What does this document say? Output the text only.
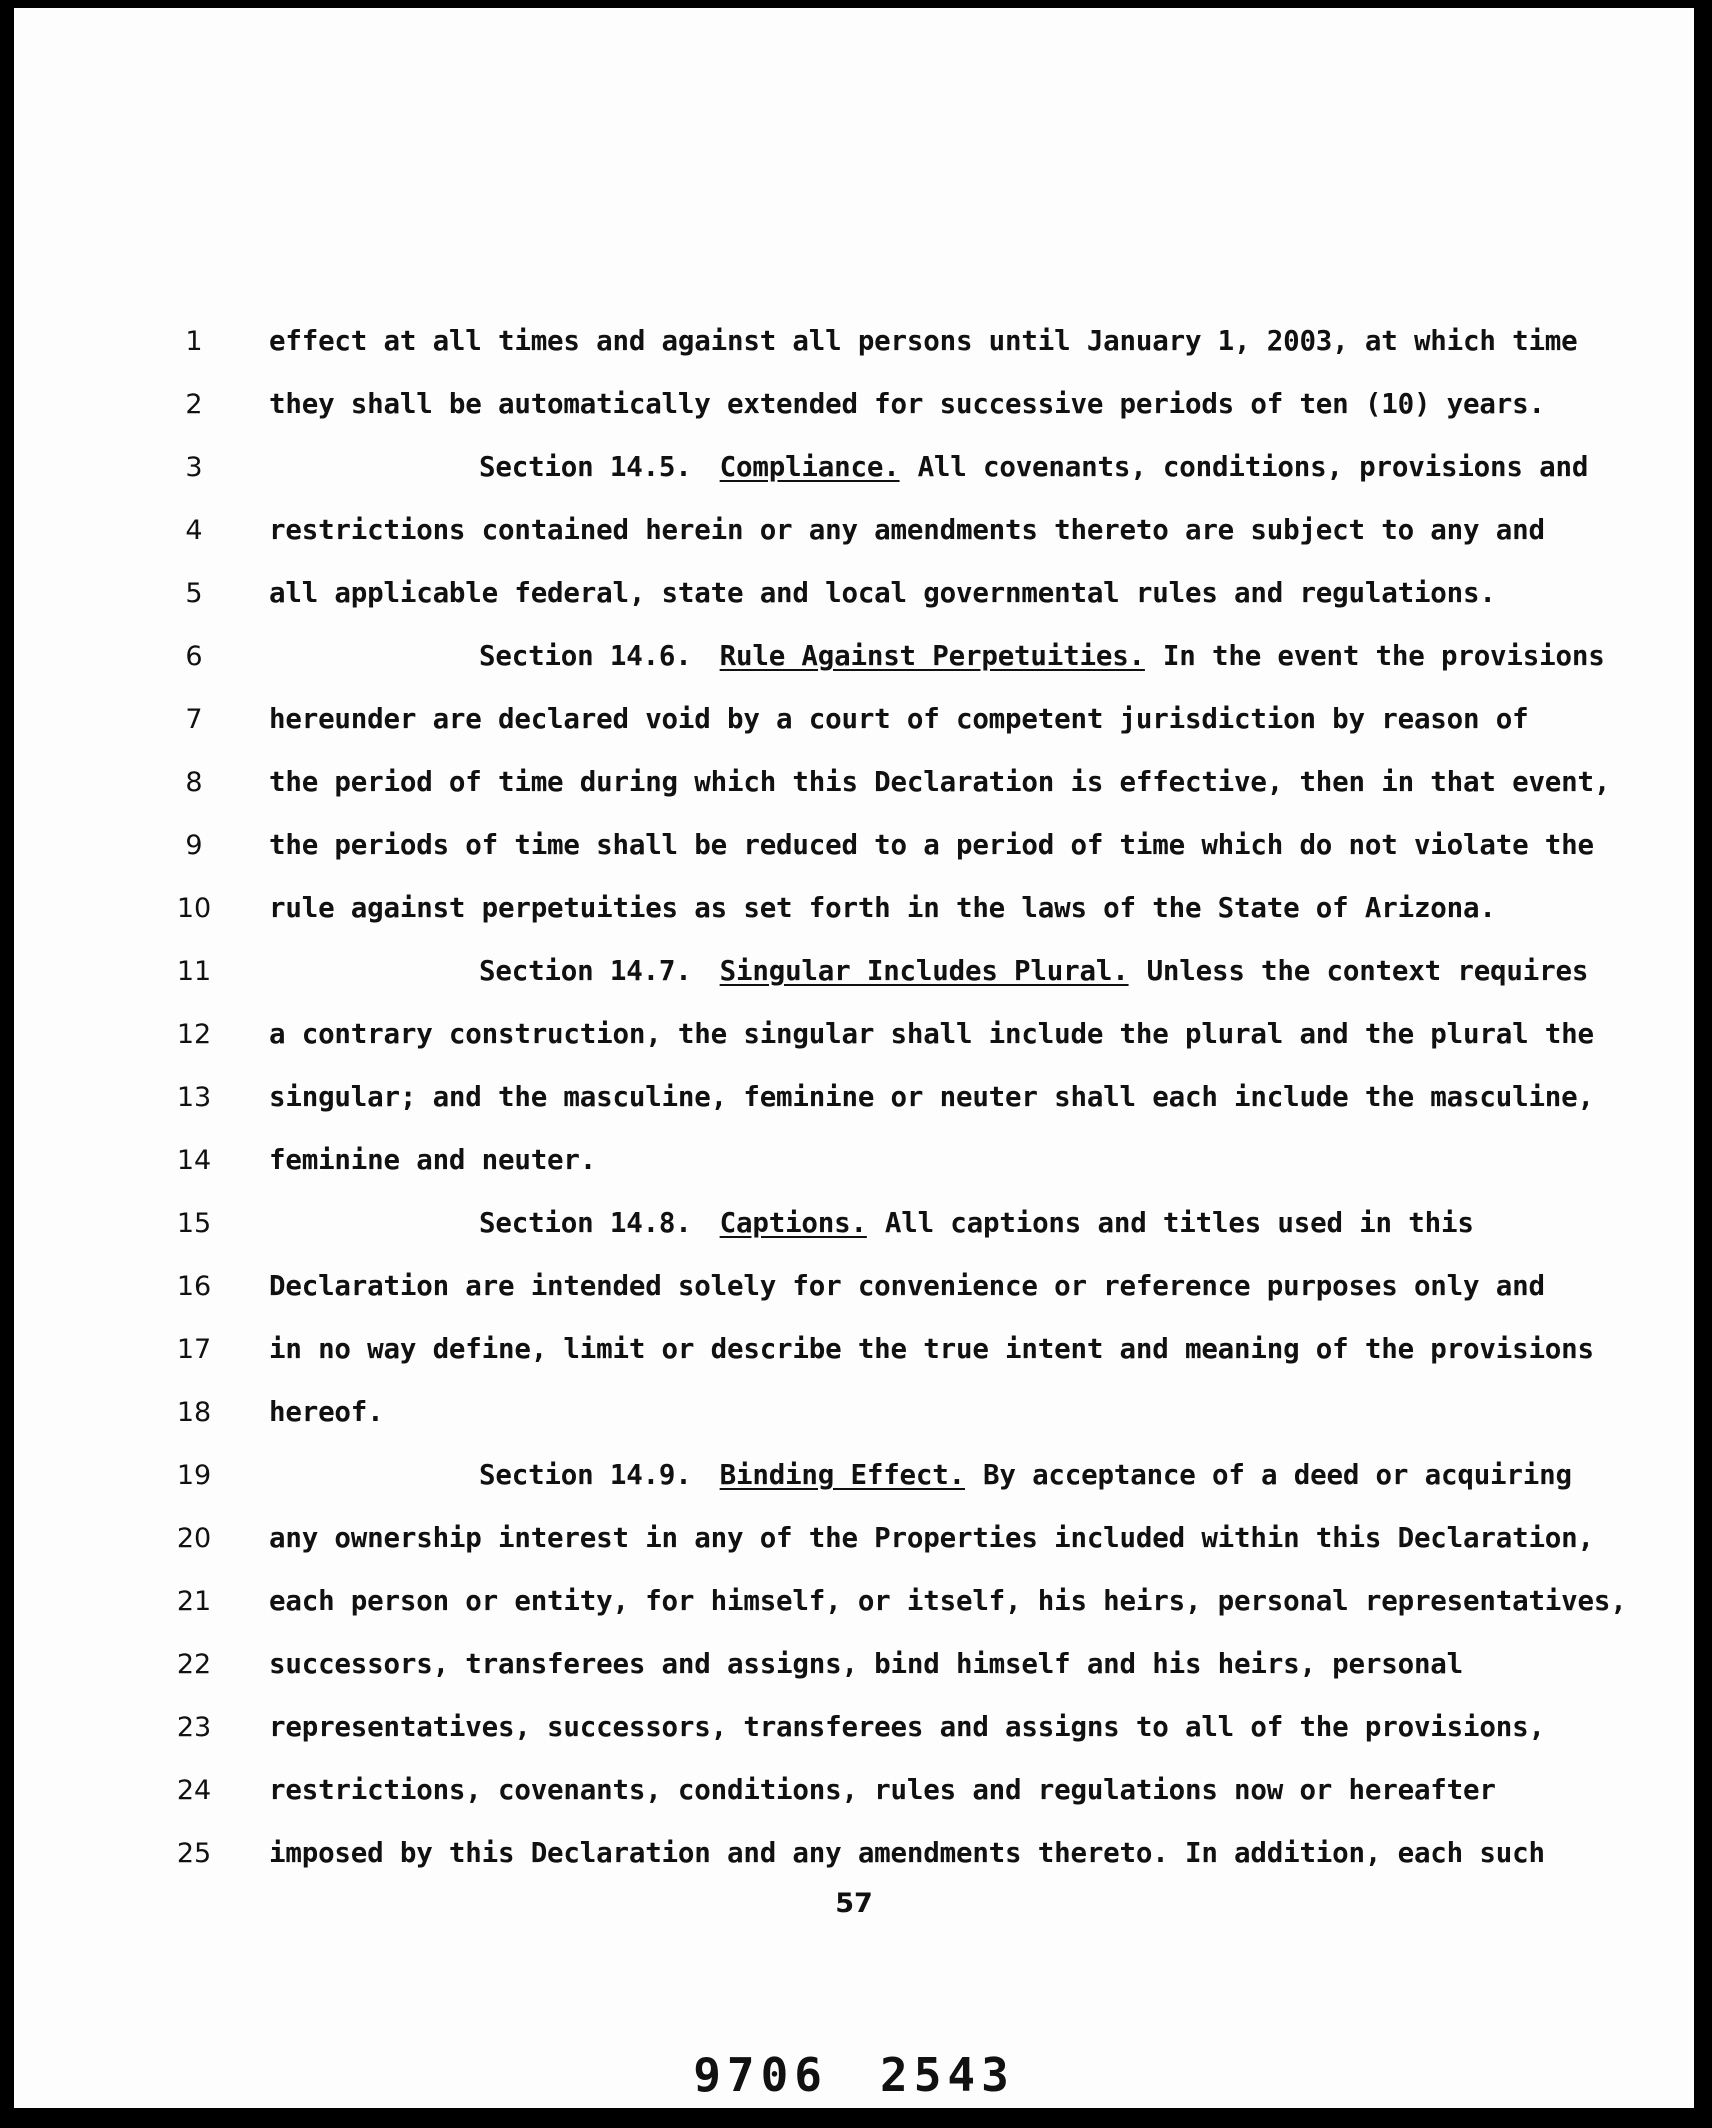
1
2
3
4
5
6
7
8
9
10
11
12
13
14
15
16
17
18
19
20
21
22
23
24
25
effect at all times and against all persons until January 1, 2003, at which time
they shall be automatically extended for successive periods of ten (10) years.
Section 14.5. Compliance. All covenants, conditions, provisions and
restrictions contained herein or any amendments thereto are subject to any and
all applicable federal, state and local governmental rules and regulations.
Section 14.6. Rule Against Perpetuities. In the event the provisions
hereunder are declared void by a court of competent jurisdiction by reason of
the period of time during which this Declaration is effective, then in that event,
the periods of time shall be reduced to a period of time which do not violate the
rule against perpetuities as set forth in the laws of the State of Arizona.
Section 14.7. Singular Includes Plural. Unless the context requires
a contrary construction, the singular shall include the plural and the plural the
singular; and the masculine, feminine or neuter shall each include the masculine,
feminine and neuter.
Section 14.8. Captions. All captions and titles used in this
Declaration are intended solely for convenience or reference purposes only and
in no way define, limit or describe the true intent and meaning of the provisions
hereof.
Section 14.9. Binding Effect. By acceptance of a deed or acquiring
any ownership interest in any of the Properties included within this Declaration,
each person or entity, for himself, or itself, his heirs, personal representatives,
successors, transferees and assigns, bind himself and his heirs, personal
representatives, successors, transferees and assigns to all of the provisions,
restrictions, covenants, conditions, rules and regulations now or hereafter
imposed by this Declaration and any amendments thereto. In addition, each such
57
9706 2543
